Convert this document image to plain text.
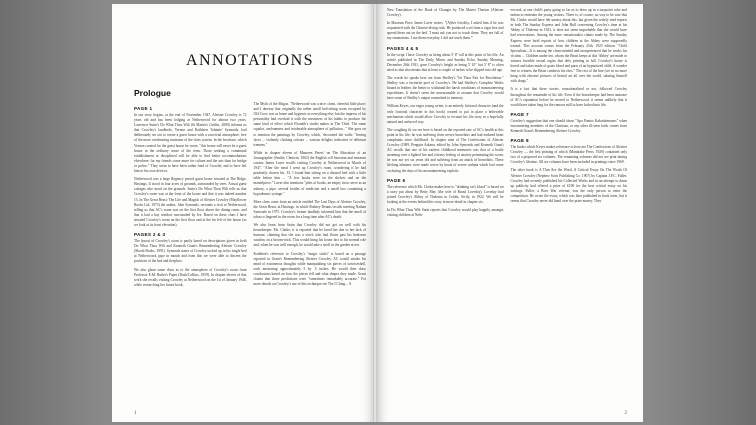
ANNOTATIONS
Prologue
PAGE 1

In our story begins, at the end of November 1947, Aleister Crowley is 72 years old and has been lodging at Netherwood for almost two years. Lawrence Sutin's Do What Thou Wilt (St Martin's Griffin, 2000) informs us that Crowley's landlords, Vernon and Kathleen 'Johnnie' Symonds, had deliberately set out to create a guest house with a convivial atmosphere, free of the more overbearing nostrums of the class system. In the brochure, which Vernon created for the guest house he wrote, "this house will never be a guest house in the ordinary sense of the term. Those seeking a communal establishment or disciplined will be able to find better accommodations elsewhere; for my friends come more for culture and the arts than for bridge or police." They seem to have been rather fond of Crowley and to have left him to his own devices.

Netherwood was a large Regency period guest house situated at The Ridge, Hastings. It stood in four acres of grounds, surrounded by trees. Actual guest cottages also stood on the grounds. Sutin's Do What Thou Wilt tells us that Crowley's room was at the front of the house and that it was indeed number 13. In The Great Beast: The Life and Magick of Aleister Crowley (Mayflower Books Ltd, 1973) the author, John Symonds, recounts a visit to Netherwood, telling us that AC's room was on the first floor above the dining room, and that it had a bay window surrounded by Ive. Based on these clues I have situated Crowley's room on the first floor and at the far left of the house (as we look at its front elevation).

PAGES 2 & 3

The layout of Crowley's room is partly based on descriptions given in both Do What Thou Wilt and Kenneth Grant's Remembering Aleister Crowley (Skoob Books, 1991). Symonds states of Crowley tucked up in his single bed at Netherwood, pipe in mouth and from this we were able to discern the positions of the bed and fireplace.

We also glean some clues as to the atmosphere of Crowley's room from Professor E.M. Butler's Paper (Dusk/Collins, 1959). In chapter eleven of that work she recalls visiting Crowley at Netherwood on the 1st of January 1946, while researching her future book,

The Myth of the Magus. "Netherwood was a nice, clean, cheerful little place; and I daresay that originally the rather small bed-sitting room occupied by Old Crow was as home and hygienic as everything else; but the impress of his personality had overlaid it with the messiness of his habits to produce the same kind of effect which Elsonith's studio makes in The Thief. The same squalor, uncleanness and intolerable atmosphere of pollution..." She goes on to mention the paintings by Crowley, which, 'decorated the walls: "leering faces ... violently clashing colours ... various delights indicative of delirium tremens."

While in chapter eleven of Maureen Peters' on The Education of an Iconographer (Smilie, Chetwin, 1962) the English cell historian and museum curator James Laver recalls visiting Crowley at Netherwood in March of 1947. "After the meal I went up Crowley's room, wondering if he had prudently chosen his. 33. I found him sitting on a disused bed with a little table before him ... "A few books were on the shelves and on the mantelpiece." Laver also mentions "piles of books, an empty tin to serve as an ashtray, a pipe, several bottles of medicine and a small box containing a hypodermic syringe."

More clues come from an article entitled The Last Days of Aleister Crowley, the Great Beast, at Hastings, in which Rodney Dennis recalls meeting Nathan Symonds in 1975. Crowley's former landlady informed him that the smell of tobacco lingered in the room for a long time after AC's death.

We also learn from Sutin that Crowley did not get on well with his housekeeper. Ms. Clarke; it is reported that he laced her due to her lack of humour, claiming that she was a witch who had flown past his bedroom window on a broom-stick. This would bring his house fact to his normal role and, when he was well enough, he would take a stroll in the garden at ten.

Kathleen's reference to Crowley's "magic sticks" is based on a passage reported in Grant's Remembering Aleister Crowley. AC would smoke his mind of extraneous thoughts while manipulating six pieces of tortoiseshell, each measuring approximately 5 by .5 inches. He would then draw conclusions based on how the pieces fell and what shapes they made. Grant claims that those predictions were "sometimes remarkably accurate." For more details on Crowley's use of this technique see The I Ching – A

1

New Translation of the Book of Changes by The Master Therion (Aleister Crowley).

In Museum Piece James Laver writes, "[A]fter frivolity, I asked him if he was acquainted with the Chinese diving rods. He produced a set from a cigar box and spread them out on the bed. 'I must ask you not to touch them. They are full of my emanations. I use them everyday. I did not teach them.'"

PAGES 4 & 5

In the script I have Crowley as being about 5' 8" tall at this point of his life. An article published in The Daily Mirror and Sunday Echo, Sunday Morning, December 20th 1931, gave Crowley's height as being 5' 10" but 5' 8" is often sited as that also means that at least a couple of inches to be slipped into old age.

The words he speaks here are from Shelley's "let Thou Fair for Resolution." Shelley was a favourite poet of Crowley's. He had Shelley's Complete Works bound in leather, the better to withstand the harsh conditions of mountaineering expeditions. It doesn't seem the unreasonable to assume that Crowley would have some of Shelley's output committed to memory.

William Keyes, our eager young writer, is an entirely fictional character (and the only fictional character in this book) created to put in place a believable mechanism which would allow Crowley to recount his life story in a hopefully natural and unforced way.

The coughing fit we see here is based on the reported rate of AC's health at this point in his life; he was suffering from severe bronchitis and had endured heart complaints since childhood. In chapter nine of The Confessions of Aleister Crowley (1989, Penguin Arkana, edited by John Symonds and Kenneth Grant) AC recalls that one of his earliest childhood memories was that of a bottle steaming over a lighted fire and a heavy feeling of anxiety permeating the room; he was not yet six years old and suffering from an attack of bronchitis. These lifelong ailments were made worse by bouts of severe asthma which had come on during the days of his mountaineering exploits.

PAGE 6

The reference which Ms. Clarke makes here to "drinking cat's blood" is based on a story put about by Betty May (the wife of Raoul Loveday). Loveday had joined Crowley's Abbey of Thelema in Cefalu, Sicily, in 1922. We will be looking at the events behind this story in more detail in chapter six.

In Do What Thou Wilt Sutin reports that Crowley would play happily amongst visiting children at Neth-

erwood, at one child's party going so far as to dress up in a turquoise robe and turban to entertain the young visitors. There is, of course, no way to be sure that Ms. Clarke would have felt uneasy about this, but given the widely read reports in both The Sunday Express and John Bull concerning Crowley's time at his Abbey of Thelema in 1923, it does not seem improbable that she would have had reservations. Among the more sensationalist claims made by The Sunday Express were lurid reports of how children at the Abbey were supposedly treated. This account comes from the February 25th, 1923 edition: "Child Specialism—It is among the clean-minded and inexperienced that he works his victims ... Children under ten, whom the Beast keeps at this 'Abbey' are made to witness horrible sexual orgies that defy printing in full. Crowley's house is horrid and takes made of goats blood and parts of an hypnotized child. A wonder free to witness the Beast conducts his rites." The rest of the line (we in no more hung with obscene pictures of bestial art all over the world, saluting himself with drugs."

It is a fact that these stories, sensationalised or not, followed Crowley throughout the remainder of his life. Even if the housekeeper had been unaware of AC's reputation before he moved to Netherwood, it seems unlikely that it would have taken long for the rumour mill to have kicked into life.

PAGE 7

Crowley's suggestion that one should shout "Apo Pantos Kakodaimonos" when encountering members of the Christian, or any other ill-seen faith, comes from Kenneth Grant's Remembering Aleister Crowley.

PAGE 8

The books which Keyes makes reference to here are The Confessions of Aleister Crowley — the first printing of which (Mandrake Press, 1929) contained only two of a proposed six volumes. The remaining volumes did not see print during Crowley's lifetime. All six volumes have been included in printings since 1969.

The other book is A Thin Are the Word, A Critical Essay On The Worth Of Aleister Crowley (Nephew Scott Publishing Co. 1907) by Captain J.F.C. Fuller. Crowley had recently published his Collected Works and in an attempt to drum up publicity had offered a prize of £100 for the best critical essay on his writings. Fuller, a Boer War veteran, was the only person to enter the competition. He wrote the essay, which was later published in book form, but it seems that Crowley never did hand over the prize money. They

2
